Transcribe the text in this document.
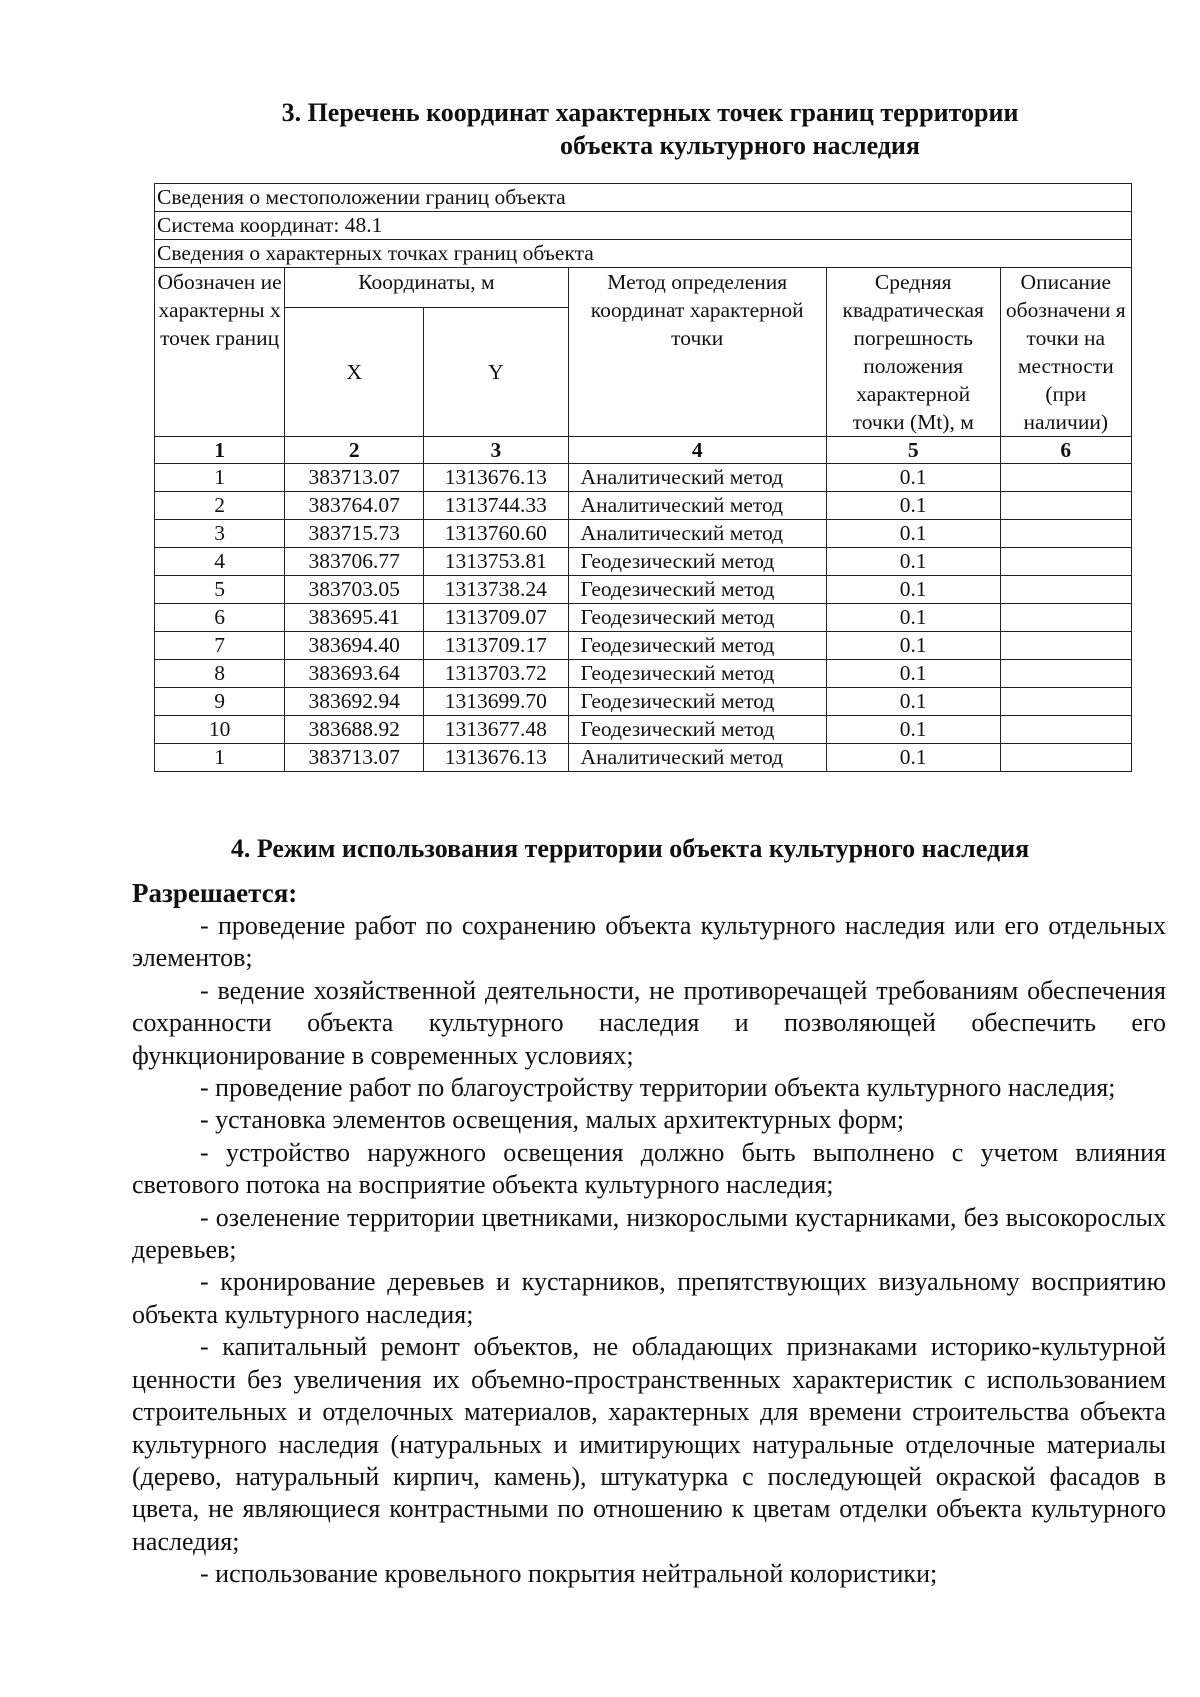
3. Перечень координат характерных точек границ территории
объекта культурного наследия
Сведения о местоположении границ объекта					
Система координат: 48.1					
Сведения о характерных точках границ объекта					
Обозначен ие характерны х точек границ	Координаты, м		Метод определения координат характерной точки	Средняя квадратическая погрешность положения характерной точки (Mt), м	Описание обозначени я точки на местности (при наличии)
	X	Y			
1	2	3	4	5	6
1	383713.07	1313676.13	Аналитический метод	0.1	
2	383764.07	1313744.33	Аналитический метод	0.1	
3	383715.73	1313760.60	Аналитический метод	0.1	
4	383706.77	1313753.81	Геодезический метод	0.1	
5	383703.05	1313738.24	Геодезический метод	0.1	
6	383695.41	1313709.07	Геодезический метод	0.1	
7	383694.40	1313709.17	Геодезический метод	0.1	
8	383693.64	1313703.72	Геодезический метод	0.1	
9	383692.94	1313699.70	Геодезический метод	0.1	
10	383688.92	1313677.48	Геодезический метод	0.1	
1	383713.07	1313676.13	Аналитический метод	0.1	
4. Режим использования территории объекта культурного наследия
Разрешается:

- проведение работ по сохранению объекта культурного наследия или его отдельных элементов;

- ведение хозяйственной деятельности, не противоречащей требованиям обеспечения сохранности объекта культурного наследия и позволяющей обеспечить его функционирование в современных условиях;

- проведение работ по благоустройству территории объекта культурного наследия;

- установка элементов освещения, малых архитектурных форм;

- устройство наружного освещения должно быть выполнено с учетом влияния светового потока на восприятие объекта культурного наследия;

- озеленение территории цветниками, низкорослыми кустарниками, без высокорослых деревьев;

- кронирование деревьев и кустарников, препятствующих визуальному восприятию объекта культурного наследия;

- капитальный ремонт объектов, не обладающих признаками историко-культурной ценности без увеличения их объемно-пространственных характеристик с использованием строительных и отделочных материалов, характерных для времени строительства объекта культурного наследия (натуральных и имитирующих натуральные отделочные материалы (дерево, натуральный кирпич, камень), штукатурка с последующей окраской фасадов в цвета, не являющиеся контрастными по отношению к цветам отделки объекта культурного наследия;

- использование кровельного покрытия нейтральной колористики;
